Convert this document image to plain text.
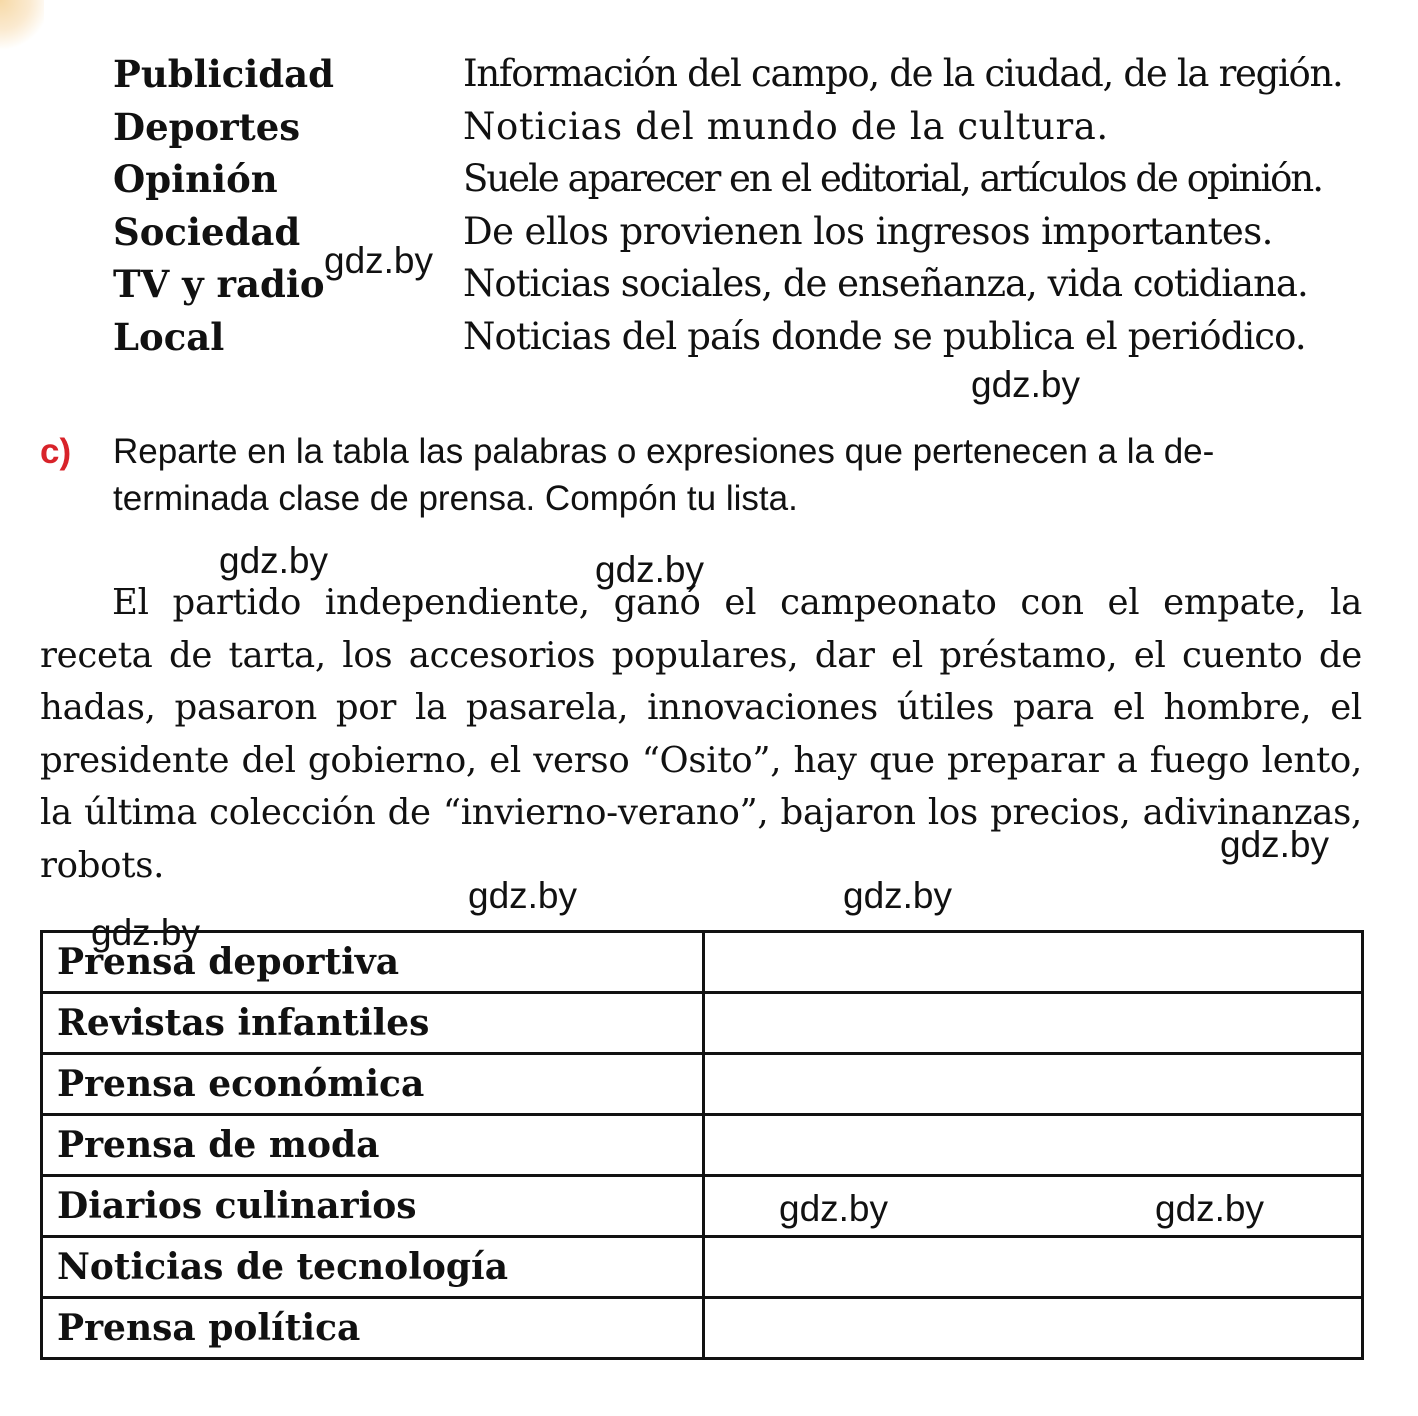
Publicidad	Información del campo, de la ciudad, de la región.
Deportes	Noticias del mundo de la cultura.
Opinión	Suele aparecer en el editorial, artículos de opinión.
Sociedad	De ellos provienen los ingresos importantes.
TV y radio	Noticias sociales, de enseñanza, vida cotidiana.
Local	Noticias del país donde se publica el periódico.
c) Reparte en la tabla las palabras o expresiones que pertenecen a la de-terminada clase de prensa. Compón tu lista.
El partido independiente, ganó el campeonato con el empate, la receta de tarta, los accesorios populares, dar el préstamo, el cuento de hadas, pasaron por la pasarela, innovaciones útiles para el hombre, el presidente del gobierno, el verso “Osito”, hay que preparar a fuego lento, la última colección de “invierno-verano”, bajaron los precios, adivinanzas, robots.
Prensa deportiva	
Revistas infantiles	
Prensa económica	
Prensa de moda	
Diarios culinarios	
Noticias de tecnología	
Prensa política	
gdz.by
gdz.by
gdz.by	gdz.by
gdz.by
gdz.by	gdz.by
gdz.by
gdz.by	gdz.by
